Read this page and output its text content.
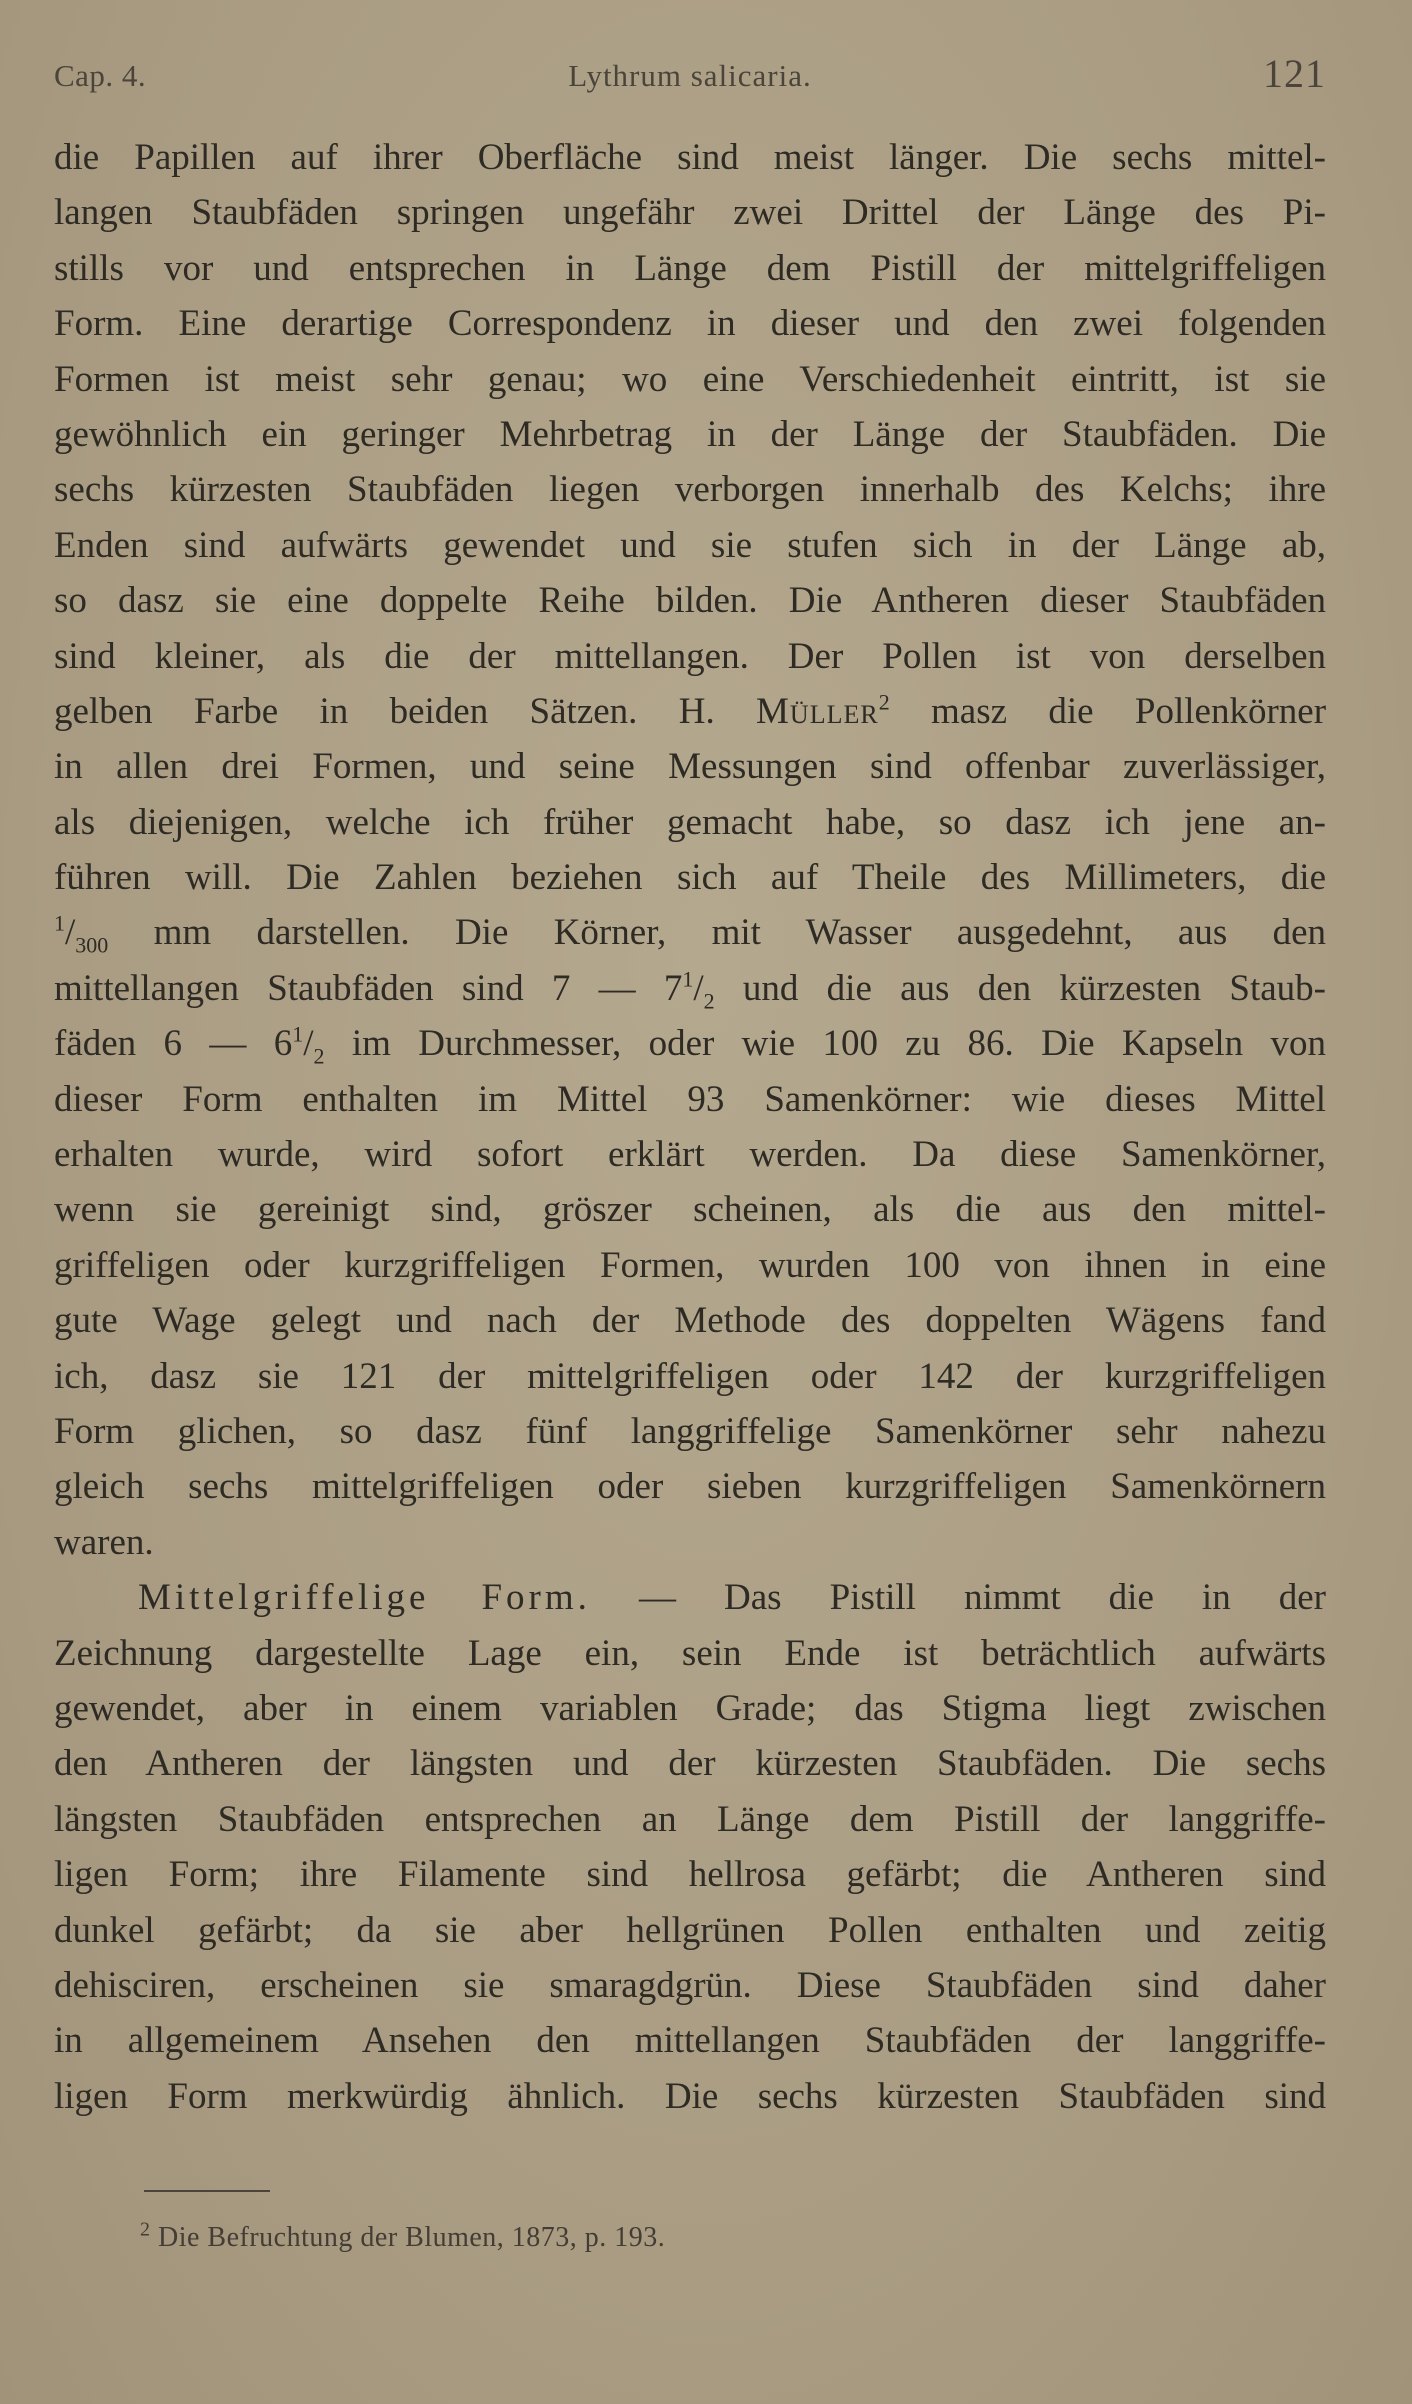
Cap. 4.	Lythrum salicaria.	121
die Papillen auf ihrer Oberfläche sind meist länger. Die sechs mittel-
langen Staubfäden springen ungefähr zwei Drittel der Länge des Pi-
stills vor und entsprechen in Länge dem Pistill der mittelgriffeligen
Form. Eine derartige Correspondenz in dieser und den zwei folgenden
Formen ist meist sehr genau; wo eine Verschiedenheit eintritt, ist sie
gewöhnlich ein geringer Mehrbetrag in der Länge der Staubfäden. Die
sechs kürzesten Staubfäden liegen verborgen innerhalb des Kelchs; ihre
Enden sind aufwärts gewendet und sie stufen sich in der Länge ab,
so dasz sie eine doppelte Reihe bilden. Die Antheren dieser Staubfäden
sind kleiner, als die der mittellangen. Der Pollen ist von derselben
gelben Farbe in beiden Sätzen. H. Müller$^2$ masz die Pollenkörner
in allen drei Formen, und seine Messungen sind offenbar zuverlässiger,
als diejenigen, welche ich früher gemacht habe, so dasz ich jene an-
führen will. Die Zahlen beziehen sich auf Theile des Millimeters, die
$^1/_{300}$ mm darstellen. Die Körner, mit Wasser ausgedehnt, aus den
mittellangen Staubfäden sind 7 — $7^1/_2$ und die aus den kürzesten Staub-
fäden 6 — $6^1/_2$ im Durchmesser, oder wie 100 zu 86. Die Kapseln von
dieser Form enthalten im Mittel 93 Samenkörner: wie dieses Mittel
erhalten wurde, wird sofort erklärt werden. Da diese Samenkörner,
wenn sie gereinigt sind, gröszer scheinen, als die aus den mittel-
griffeligen oder kurzgriffeligen Formen, wurden 100 von ihnen in eine
gute Wage gelegt und nach der Methode des doppelten Wägens fand
ich, dasz sie 121 der mittelgriffeligen oder 142 der kurzgriffeligen
Form glichen, so dasz fünf langgriffelige Samenkörner sehr nahezu
gleich sechs mittelgriffeligen oder sieben kurzgriffeligen Samenkörnern
waren.
Mittelgriffelige Form. — Das Pistill nimmt die in der
Zeichnung dargestellte Lage ein, sein Ende ist beträchtlich aufwärts
gewendet, aber in einem variablen Grade; das Stigma liegt zwischen
den Antheren der längsten und der kürzesten Staubfäden. Die sechs
längsten Staubfäden entsprechen an Länge dem Pistill der langgriffe-
ligen Form; ihre Filamente sind hellrosa gefärbt; die Antheren sind
dunkel gefärbt; da sie aber hellgrünen Pollen enthalten und zeitig
dehisciren, erscheinen sie smaragdgrün. Diese Staubfäden sind daher
in allgemeinem Ansehen den mittellangen Staubfäden der langgriffe-
ligen Form merkwürdig ähnlich. Die sechs kürzesten Staubfäden sind
$^2$ Die Befruchtung der Blumen, 1873, p. 193.
